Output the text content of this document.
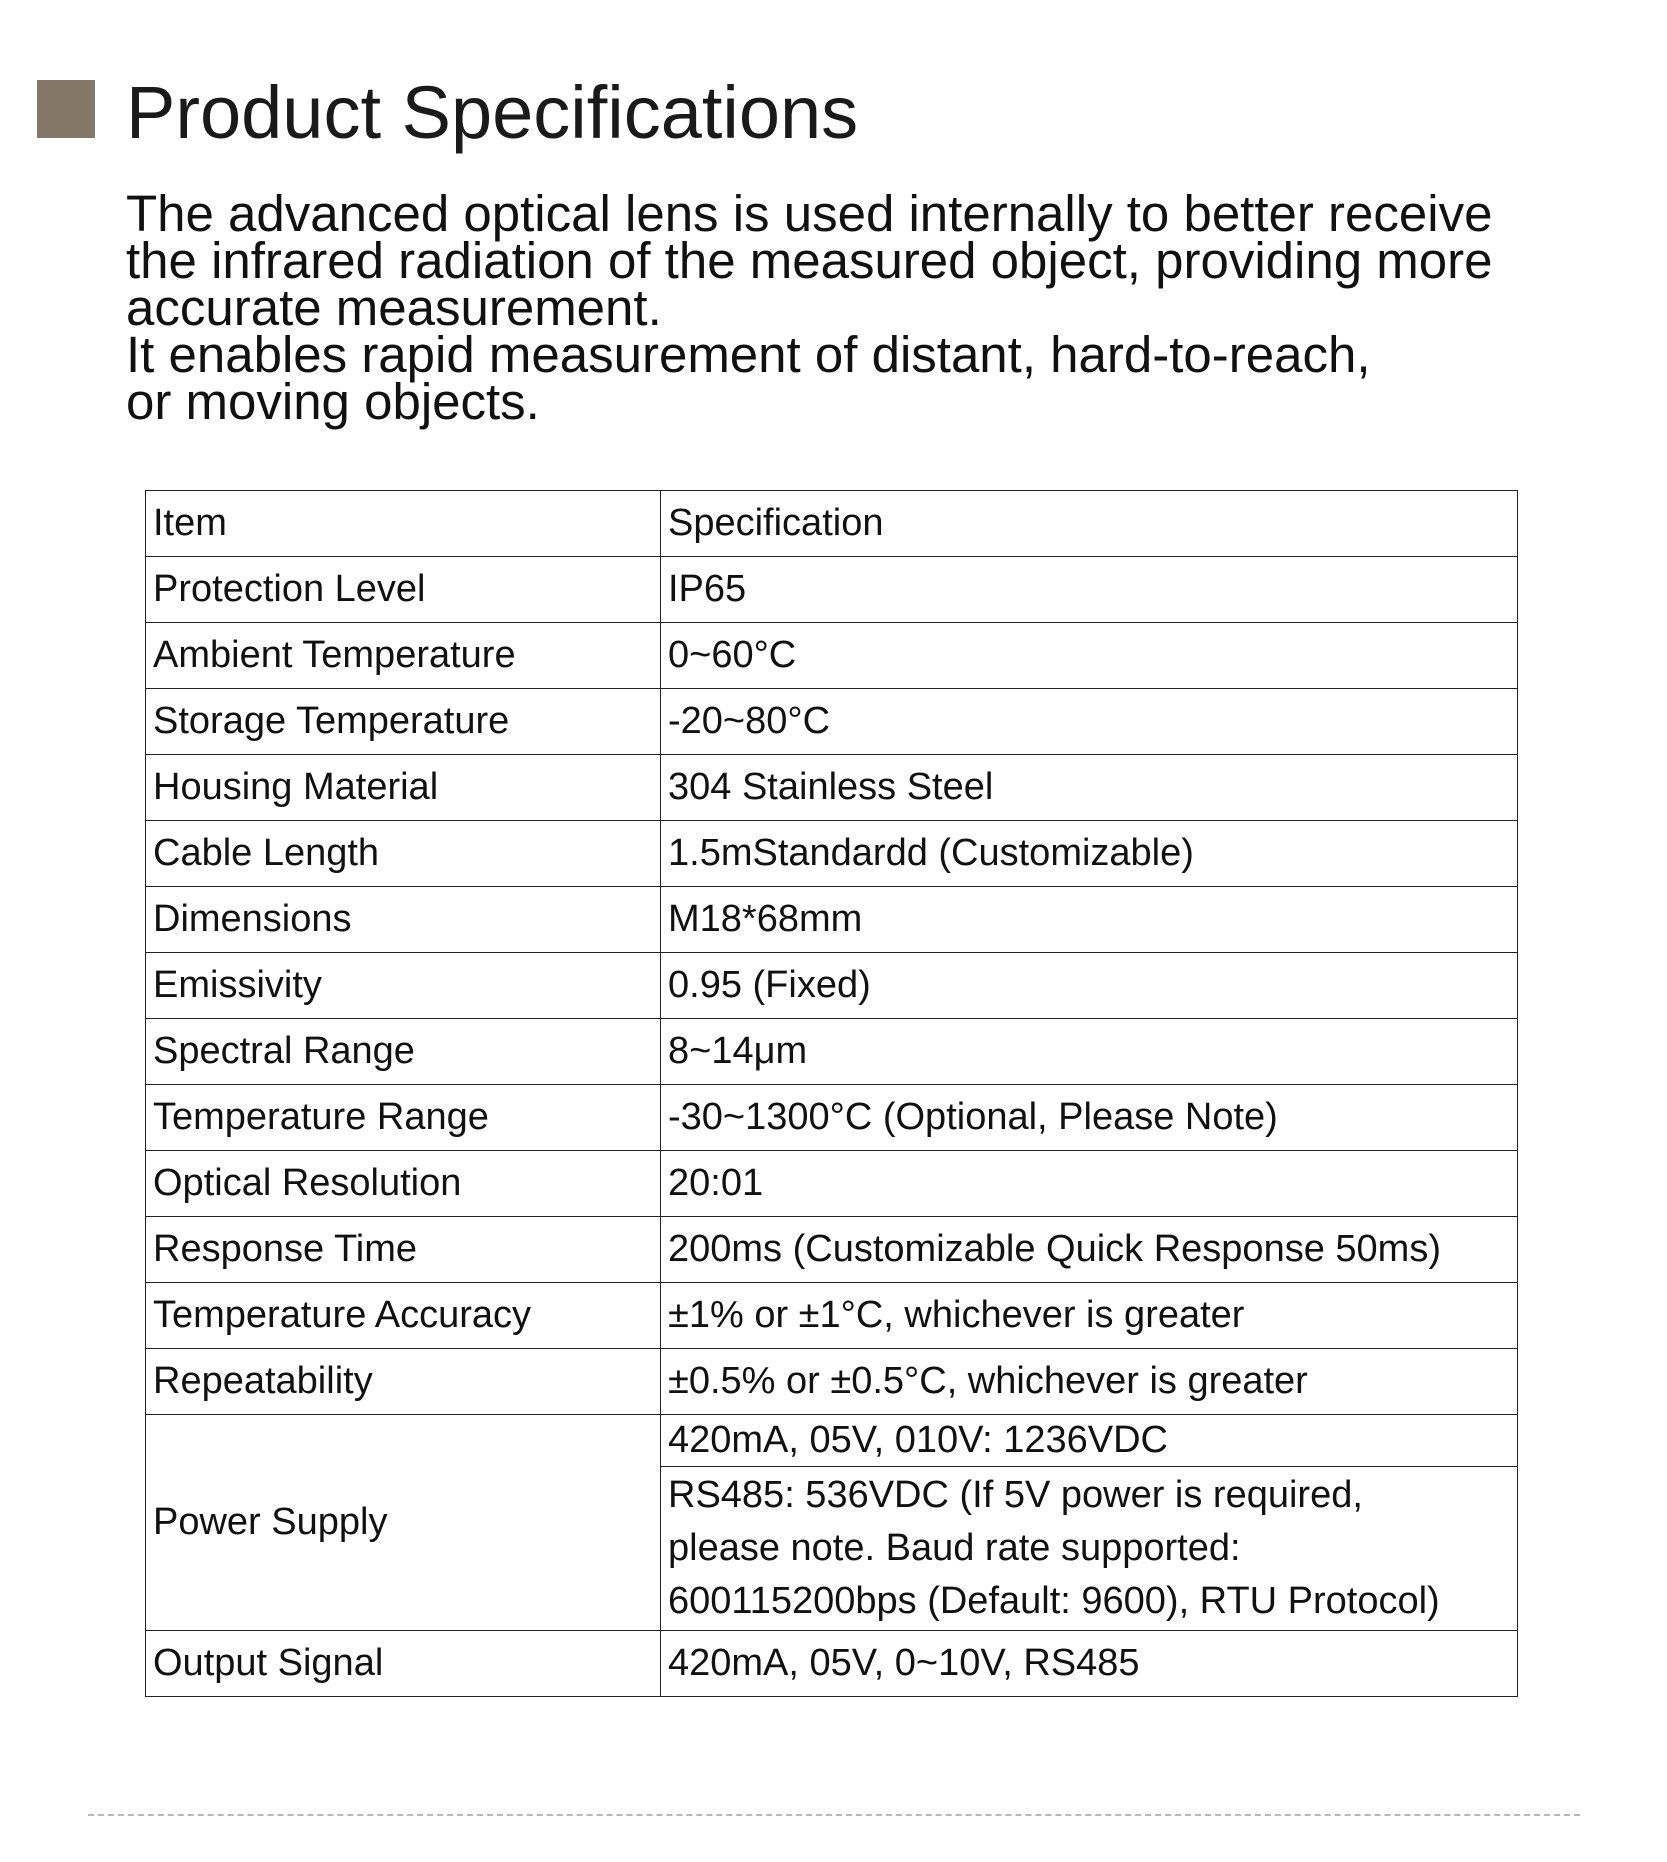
Product Specifications
The advanced optical lens is used internally to better receive
the infrared radiation of the measured object, providing more
accurate measurement.
It enables rapid measurement of distant, hard-to-reach,
or moving objects.
Item	Specification
Protection Level	IP65
Ambient Temperature	0~60°C
Storage Temperature	-20~80°C
Housing Material	304 Stainless Steel
Cable Length	1.5mStandardd (Customizable)
Dimensions	M18*68mm
Emissivity	0.95 (Fixed)
Spectral Range	8~14μm
Temperature Range	-30~1300°C (Optional, Please Note)
Optical Resolution	20:01
Response Time	200ms (Customizable Quick Response 50ms)
Temperature Accuracy	±1% or ±1°C, whichever is greater
Repeatability	±0.5% or ±0.5°C, whichever is greater
Power Supply	420mA, 05V, 010V: 1236VDC

	RS485: 536VDC (If 5V power is required,
please note. Baud rate supported:
600115200bps (Default: 9600), RTU Protocol)

Output Signal	420mA, 05V, 0~10V, RS485
